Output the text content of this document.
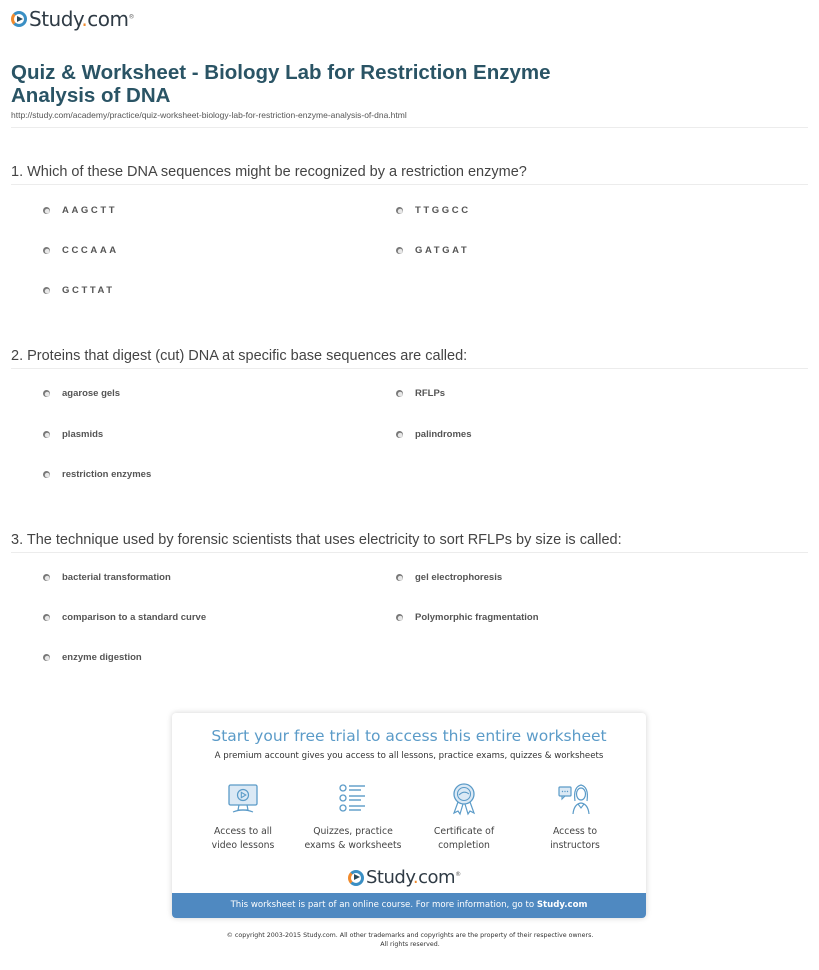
Study.com®
Quiz & Worksheet - Biology Lab for Restriction Enzyme Analysis of DNA
http://study.com/academy/practice/quiz-worksheet-biology-lab-for-restriction-enzyme-analysis-of-dna.html
1. Which of these DNA sequences might be recognized by a restriction enzyme?
AAGCTT	TTGGCC
CCCAAA	GATGAT
GCTTAT
2. Proteins that digest (cut) DNA at specific base sequences are called:
agarose gels	RFLPs
plasmids	palindromes
restriction enzymes
3. The technique used by forensic scientists that uses electricity to sort RFLPs by size is called:
bacterial transformation	gel electrophoresis
comparison to a standard curve	Polymorphic fragmentation
enzyme digestion
Start your free trial to access this entire worksheet
A premium account gives you access to all lessons, practice exams, quizzes & worksheets
Access to all
video lessons
Quizzes, practice
exams & worksheets
Certificate of
completion
Access to
instructors
Study.com®
This worksheet is part of an online course. For more information, go to Study.com
© copyright 2003-2015 Study.com. All other trademarks and copyrights are the property of their respective owners.
All rights reserved.
